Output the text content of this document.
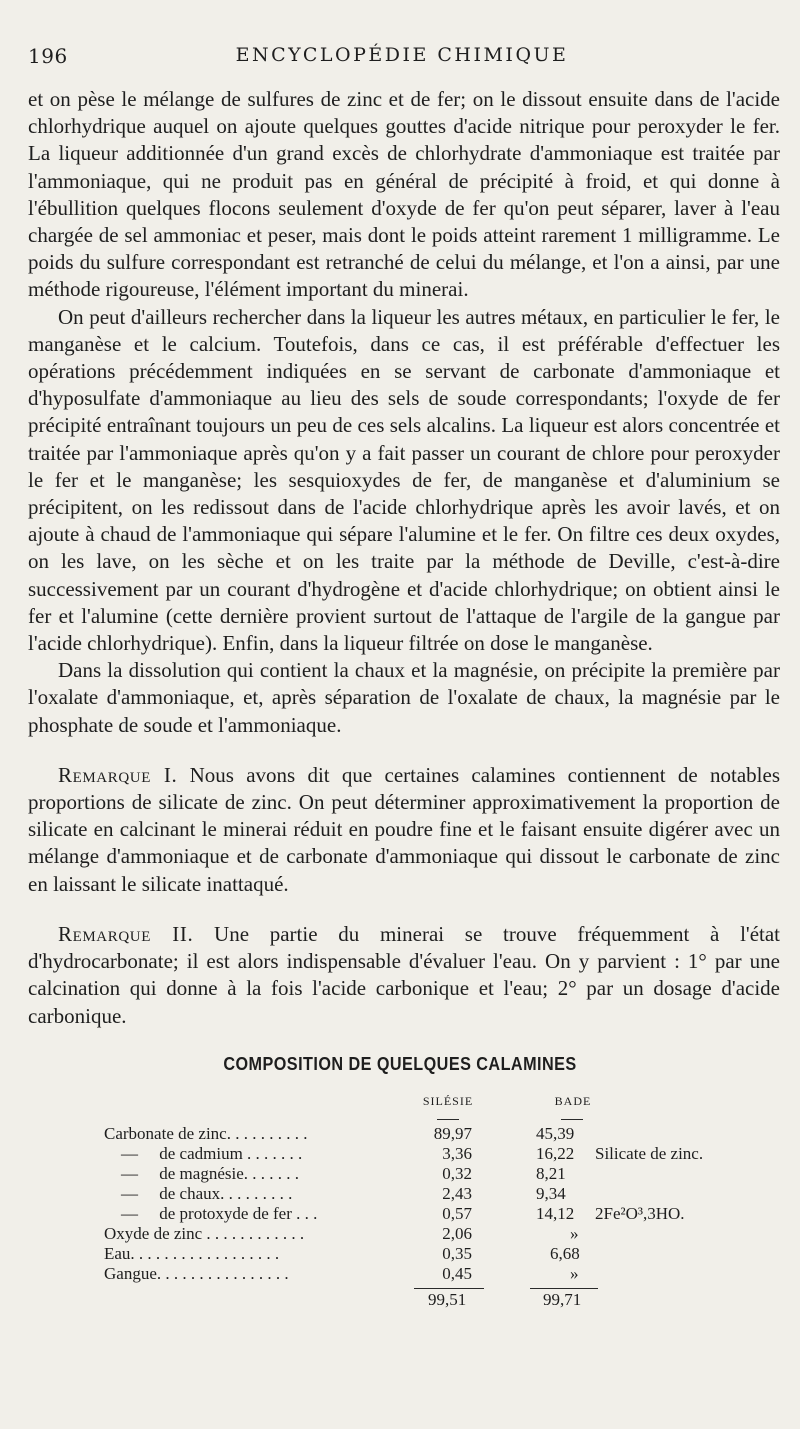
196	ENCYCLOPÉDIE CHIMIQUE

et on pèse le mélange de sulfures de zinc et de fer; on le dissout ensuite dans de l'acide chlorhydrique auquel on ajoute quelques gouttes d'acide nitrique pour peroxyder le fer. La liqueur additionnée d'un grand excès de chlorhydrate d'ammoniaque est traitée par l'ammoniaque, qui ne produit pas en général de précipité à froid, et qui donne à l'ébullition quelques flocons seulement d'oxyde de fer qu'on peut séparer, laver à l'eau chargée de sel ammoniac et peser, mais dont le poids atteint rarement 1 milligramme. Le poids du sulfure correspondant est retranché de celui du mélange, et l'on a ainsi, par une méthode rigoureuse, l'élément important du minerai.

On peut d'ailleurs rechercher dans la liqueur les autres métaux, en particulier le fer, le manganèse et le calcium. Toutefois, dans ce cas, il est préférable d'effectuer les opérations précédemment indiquées en se servant de carbonate d'ammoniaque et d'hyposulfate d'ammoniaque au lieu des sels de soude correspondants; l'oxyde de fer précipité entraînant toujours un peu de ces sels alcalins. La liqueur est alors concentrée et traitée par l'ammoniaque après qu'on y a fait passer un courant de chlore pour peroxyder le fer et le manganèse; les sesquioxydes de fer, de manganèse et d'aluminium se précipitent, on les redissout dans de l'acide chlorhydrique après les avoir lavés, et on ajoute à chaud de l'ammoniaque qui sépare l'alumine et le fer. On filtre ces deux oxydes, on les lave, on les sèche et on les traite par la méthode de Deville, c'est-à-dire successivement par un courant d'hydrogène et d'acide chlorhydrique; on obtient ainsi le fer et l'alumine (cette dernière provient surtout de l'attaque de l'argile de la gangue par l'acide chlorhydrique). Enfin, dans la liqueur filtrée on dose le manganèse.

Dans la dissolution qui contient la chaux et la magnésie, on précipite la première par l'oxalate d'ammoniaque, et, après séparation de l'oxalate de chaux, la magnésie par le phosphate de soude et l'ammoniaque.

Remarque I. Nous avons dit que certaines calamines contiennent de notables proportions de silicate de zinc. On peut déterminer approximativement la proportion de silicate en calcinant le minerai réduit en poudre fine et le faisant ensuite digérer avec un mélange d'ammoniaque et de carbonate d'ammoniaque qui dissout le carbonate de zinc en laissant le silicate inattaqué.

Remarque II. Une partie du minerai se trouve fréquemment à l'état d'hydrocarbonate; il est alors indispensable d'évaluer l'eau. On y parvient : 1° par une calcination qui donne à la fois l'acide carbonique et l'eau; 2° par un dosage d'acide carbonique.

COMPOSITION DE QUELQUES CALAMINES
SILÉSIE	BADE
Carbonate de zinc. . . . . . . . . .	89,97	45,39
—     de cadmium . . . . . . .	3,36	16,22 Silicate de zinc.
—     de magnésie. . . . . . .	0,32	8,21
—     de chaux. . . . . . . . .	2,43	9,34
—     de protoxyde de fer . . .	0,57	14,12 2Fe²O³,3HO.
Oxyde de zinc . . . . . . . . . . . .	2,06	»
Eau. . . . . . . . . . . . . . . . . .	0,35	6,68
Gangue. . . . . . . . . . . . . . . .	0,45	»
99,51	99,71
